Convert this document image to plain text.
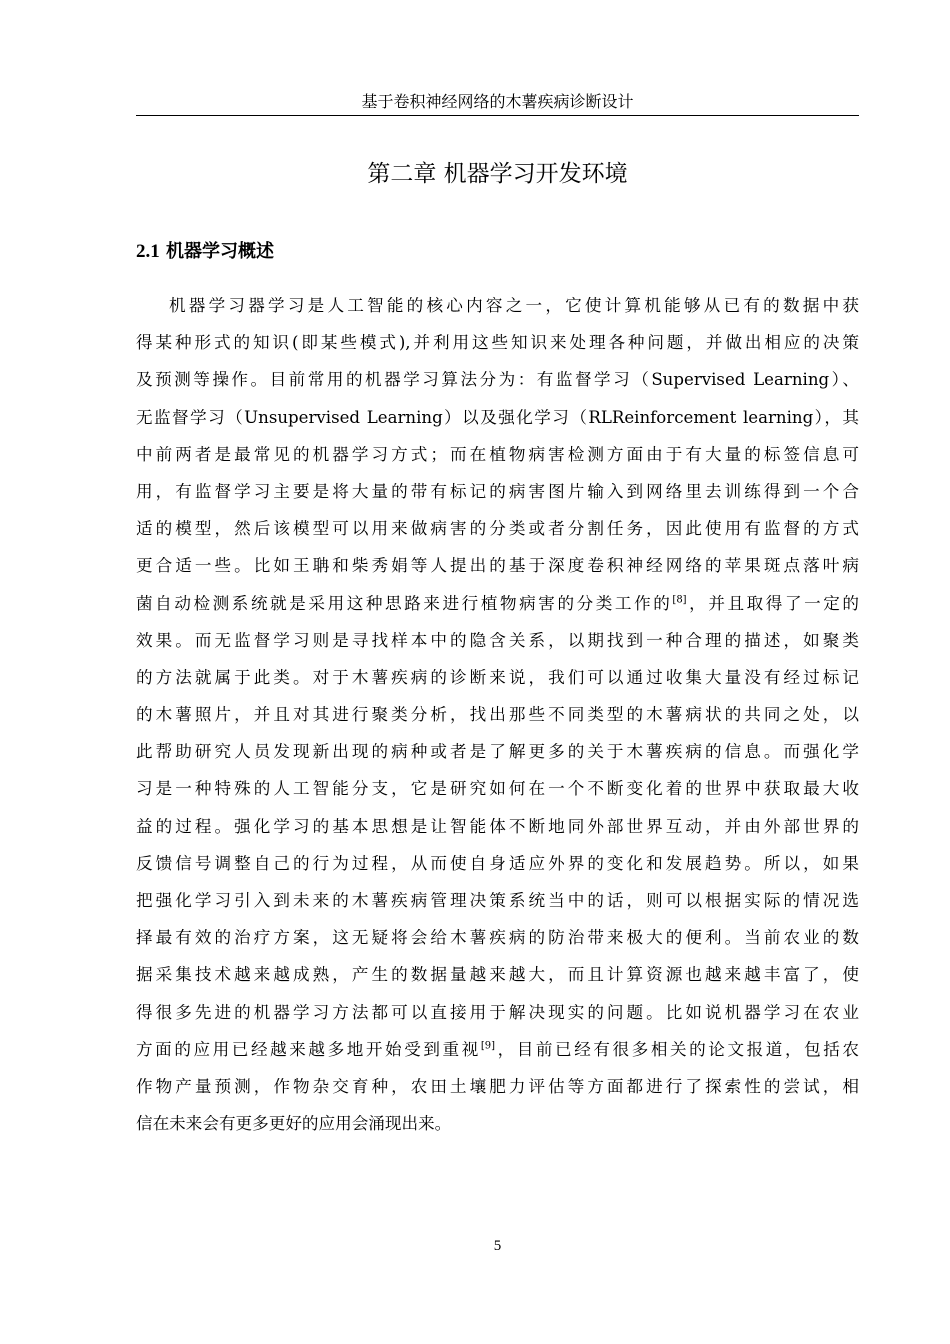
基于卷积神经网络的木薯疾病诊断设计
第二章 机器学习开发环境
2.1 机器学习概述
机器学习器学习是人工智能的核心内容之一，它使计算机能够从已有的数据中获
得某种形式的知识(即某些模式),并利用这些知识来处理各种问题，并做出相应的决策
及预测等操作。目前常用的机器学习算法分为：有监督学习（Supervised Learning）、
无监督学习（Unsupervised Learning）以及强化学习（RLReinforcement learning），其
中前两者是最常见的机器学习方式；而在植物病害检测方面由于有大量的标签信息可
用，有监督学习主要是将大量的带有标记的病害图片输入到网络里去训练得到一个合
适的模型，然后该模型可以用来做病害的分类或者分割任务，因此使用有监督的方式
更合适一些。比如王聃和柴秀娟等人提出的基于深度卷积神经网络的苹果斑点落叶病
菌自动检测系统就是采用这种思路来进行植物病害的分类工作的[8]，并且取得了一定的
效果。而无监督学习则是寻找样本中的隐含关系，以期找到一种合理的描述，如聚类
的方法就属于此类。对于木薯疾病的诊断来说，我们可以通过收集大量没有经过标记
的木薯照片，并且对其进行聚类分析，找出那些不同类型的木薯病状的共同之处，以
此帮助研究人员发现新出现的病种或者是了解更多的关于木薯疾病的信息。而强化学
习是一种特殊的人工智能分支，它是研究如何在一个不断变化着的世界中获取最大收
益的过程。强化学习的基本思想是让智能体不断地同外部世界互动，并由外部世界的
反馈信号调整自己的行为过程，从而使自身适应外界的变化和发展趋势。所以，如果
把强化学习引入到未来的木薯疾病管理决策系统当中的话，则可以根据实际的情况选
择最有效的治疗方案，这无疑将会给木薯疾病的防治带来极大的便利。当前农业的数
据采集技术越来越成熟，产生的数据量越来越大，而且计算资源也越来越丰富了，使
得很多先进的机器学习方法都可以直接用于解决现实的问题。比如说机器学习在农业
方面的应用已经越来越多地开始受到重视[9]，目前已经有很多相关的论文报道，包括农
作物产量预测，作物杂交育种，农田土壤肥力评估等方面都进行了探索性的尝试，相
信在未来会有更多更好的应用会涌现出来。
5
